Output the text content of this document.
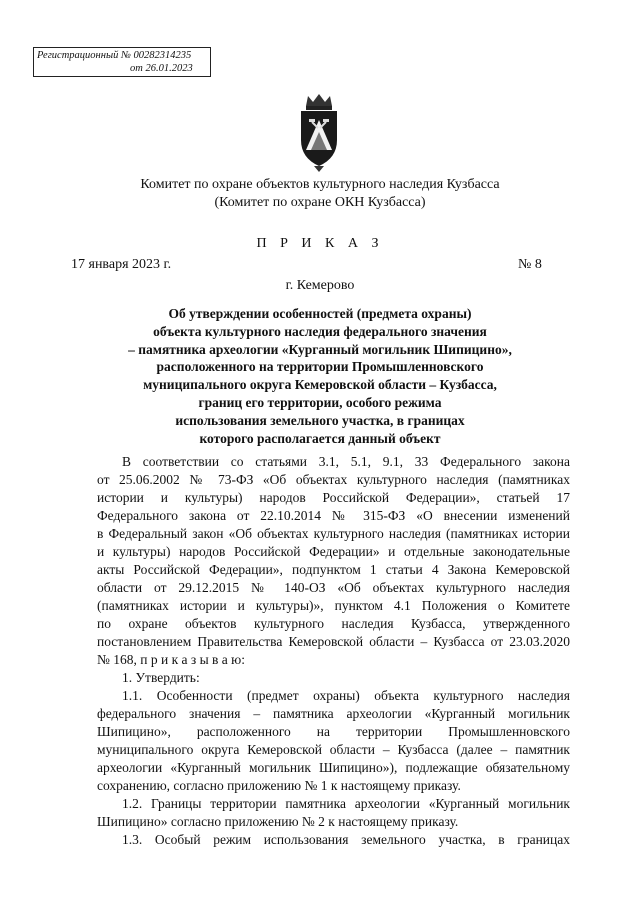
Регистрационный № 00282314235
от 26.01.2023
Комитет по охране объектов культурного наследия Кузбасса
(Комитет по охране ОКН Кузбасса)
П Р И К А З
17 января 2023 г.	№ 8
г. Кемерово
Об утверждении особенностей (предмета охраны)
объекта культурного наследия федерального значения
– памятника археологии «Курганный могильник Шипицино»,
расположенного на территории Промышленновского
муниципального округа Кемеровской области – Кузбасса,
границ его территории, особого режима
использования земельного участка, в границах
которого располагается данный объект
В соответствии со статьями 3.1, 5.1, 9.1, 33 Федерального закона
от 25.06.2002 № 73-ФЗ «Об объектах культурного наследия (памятниках
истории и культуры) народов Российской Федерации», статьей 17
Федерального закона от 22.10.2014 № 315-ФЗ «О внесении изменений
в Федеральный закон «Об объектах культурного наследия (памятниках истории
и культуры) народов Российской Федерации» и отдельные законодательные
акты Российской Федерации», подпунктом 1 статьи 4 Закона Кемеровской
области от 29.12.2015 № 140-ОЗ «Об объектах культурного наследия
(памятниках истории и культуры)», пунктом 4.1 Положения о Комитете
по охране объектов культурного наследия Кузбасса, утвержденного
постановлением Правительства Кемеровской области – Кузбасса от 23.03.2020
№ 168, п р и к а з ы в а ю:
1. Утвердить:
1.1. Особенности (предмет охраны) объекта культурного наследия
федерального значения – памятника археологии «Курганный могильник
Шипицино», расположенного на территории Промышленновского
муниципального округа Кемеровской области – Кузбасса (далее – памятник
археологии «Курганный могильник Шипицино»), подлежащие обязательному
сохранению, согласно приложению № 1 к настоящему приказу.
1.2. Границы территории памятника археологии «Курганный могильник
Шипицино» согласно приложению № 2 к настоящему приказу.
1.3. Особый режим использования земельного участка, в границах
